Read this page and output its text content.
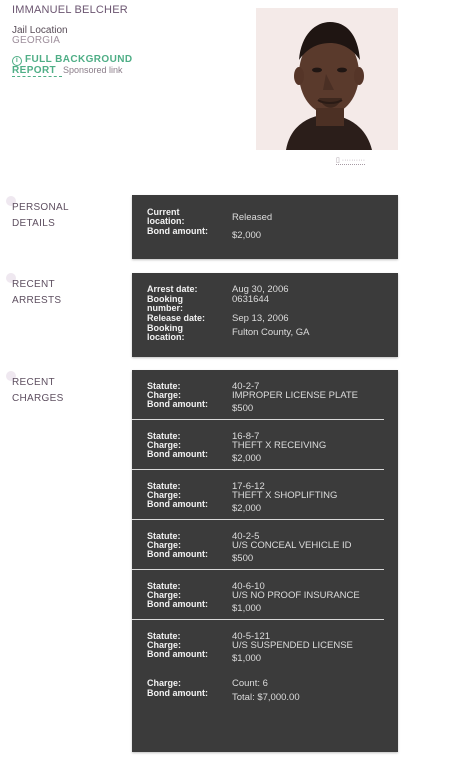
IMMANUEL BELCHER
Jail Location
GEORGIA
i FULL BACKGROUND
REPORT Sponsored link
▯ ··········
PERSONAL
DETAILS
RECENT
ARRESTS
RECENT
CHARGES
Current location:	Released
Bond amount:	$2,000
Arrest date:	Aug 30, 2006
Booking number:
0631644
Release date:	Sep 13, 2006
Booking location:	Fulton County, GA
Statute:	40-2-7
Charge:	IMPROPER LICENSE PLATE
Bond amount:	$500
Statute:	16-8-7
Charge:	THEFT X RECEIVING
Bond amount:	$2,000
Statute:	17-6-12
Charge:	THEFT X SHOPLIFTING
Bond amount:	$2,000
Statute:	40-2-5
Charge:	U/S CONCEAL VEHICLE ID
Bond amount:	$500
Statute:	40-6-10
Charge:	U/S NO PROOF INSURANCE
Bond amount:	$1,000
Statute:	40-5-121
Charge:	U/S SUSPENDED LICENSE
Bond amount:	$1,000
Charge:	Count: 6
Bond amount:	Total: $7,000.00
